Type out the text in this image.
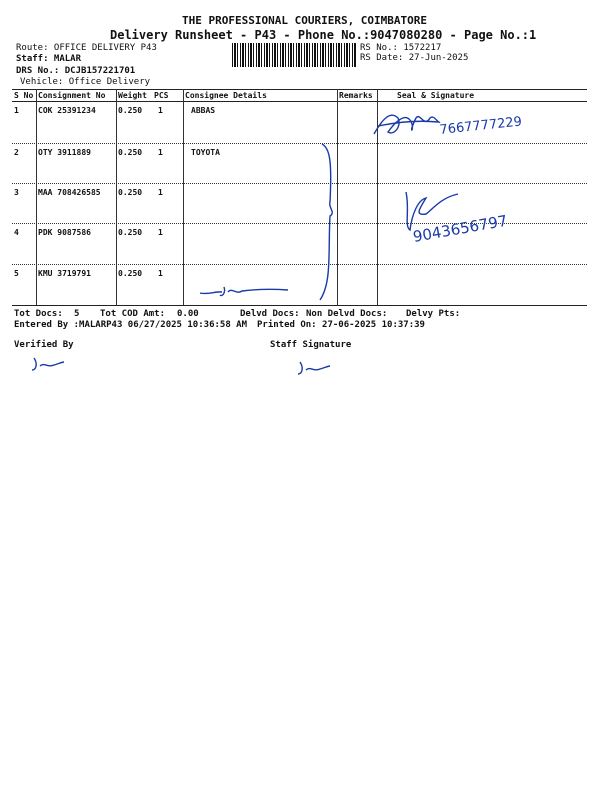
THE PROFESSIONAL COURIERS, COIMBATORE
Delivery Runsheet - P43 - Phone No.:9047080280 - Page No.:1
Route: OFFICE DELIVERY P43
Staff: MALAR
DRS No.: DCJB157221701
Vehicle: Office Delivery
RS No.: 1572217
RS Date: 27-Jun-2025
S No	Consignment No	Weight	PCS	Consignee Details	Remarks	Seal & Signature
1	COK 25391234	0.250	1	ABBAS		
2	OTY 3911889	0.250	1	TOYOTA		
3	MAA 708426585	0.250	1			
4	PDK 9087586	0.250	1			
5	KMU 3719791	0.250	1			
7667777229
9043656797
Tot Docs: 5 Tot COD Amt: 0.00	Delvd Docs: Non Delvd Docs: Delvy Pts:
Entered By :MALARP43 06/27/2025 10:36:58 AM Printed On: 27-06-2025 10:37:39
Verified By	Staff Signature
